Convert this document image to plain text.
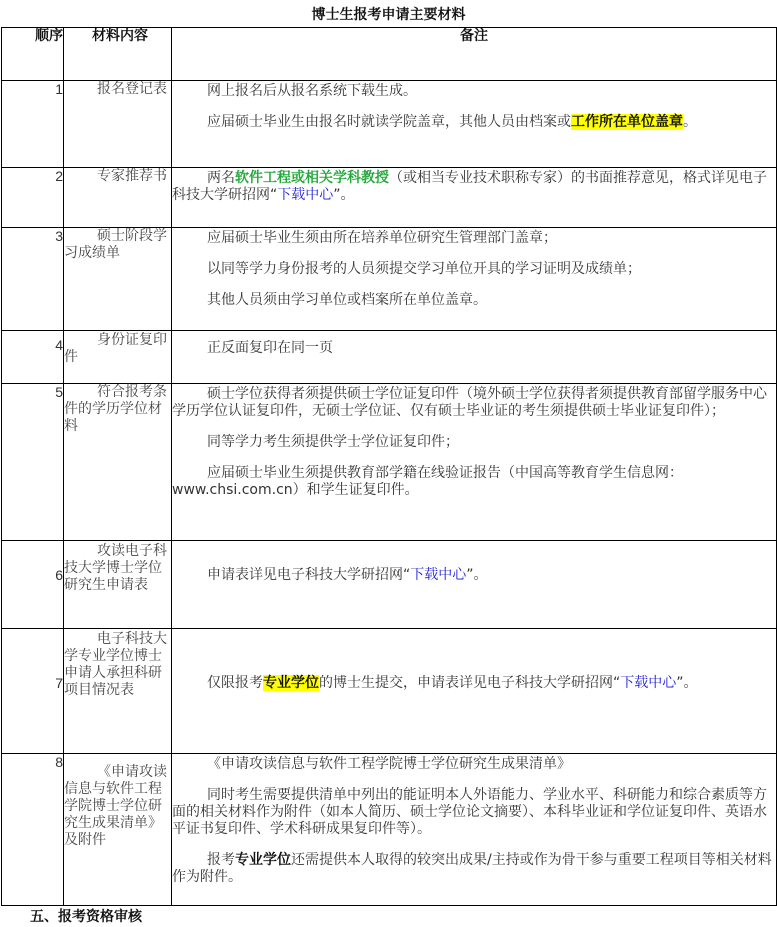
博士生报考申请主要材料
顺序	材料内容	备注
1	报名登记表	网上报名后从报名系统下载生成。

应届硕士毕业生由报名时就读学院盖章，其他人员由档案或工作所在单位盖章。

2	专家推荐书	两名软件工程或相关学科教授（或相当专业技术职称专家）的书面推荐意见，格式详见电子科技大学研招网“下载中心”。

3	硕士阶段学习成绩单	应届硕士毕业生须由所在培养单位研究生管理部门盖章；

以同等学力身份报考的人员须提交学习单位开具的学习证明及成绩单；

其他人员须由学习单位或档案所在单位盖章。

4	身份证复印件	正反面复印在同一页

5	符合报考条件的学历学位材料	硕士学位获得者须提供硕士学位证复印件（境外硕士学位获得者须提供教育部留学服务中心学历学位认证复印件，无硕士学位证、仅有硕士毕业证的考生须提供硕士毕业证复印件）；

同等学力考生须提供学士学位证复印件；

应届硕士毕业生须提供教育部学籍在线验证报告（中国高等教育学生信息网：www.chsi.com.cn）和学生证复印件。

6	攻读电子科技大学博士学位研究生申请表	申请表详见电子科技大学研招网“下载中心”。

7	电子科技大学专业学位博士申请人承担科研项目情况表	仅限报考专业学位的博士生提交，申请表详见电子科技大学研招网“下载中心”。

8	《申请攻读信息与软件工程学院博士学位研究生成果清单》及附件	《申请攻读信息与软件工程学院博士学位研究生成果清单》

同时考生需要提供清单中列出的能证明本人外语能力、学业水平、科研能力和综合素质等方面的相关材料作为附件（如本人简历、硕士学位论文摘要）、本科毕业证和学位证复印件、英语水平证书复印件、学术科研成果复印件等）。

报考专业学位还需提供本人取得的较突出成果/主持或作为骨干参与重要工程项目等相关材料作为附件。

五、报考资格审核
